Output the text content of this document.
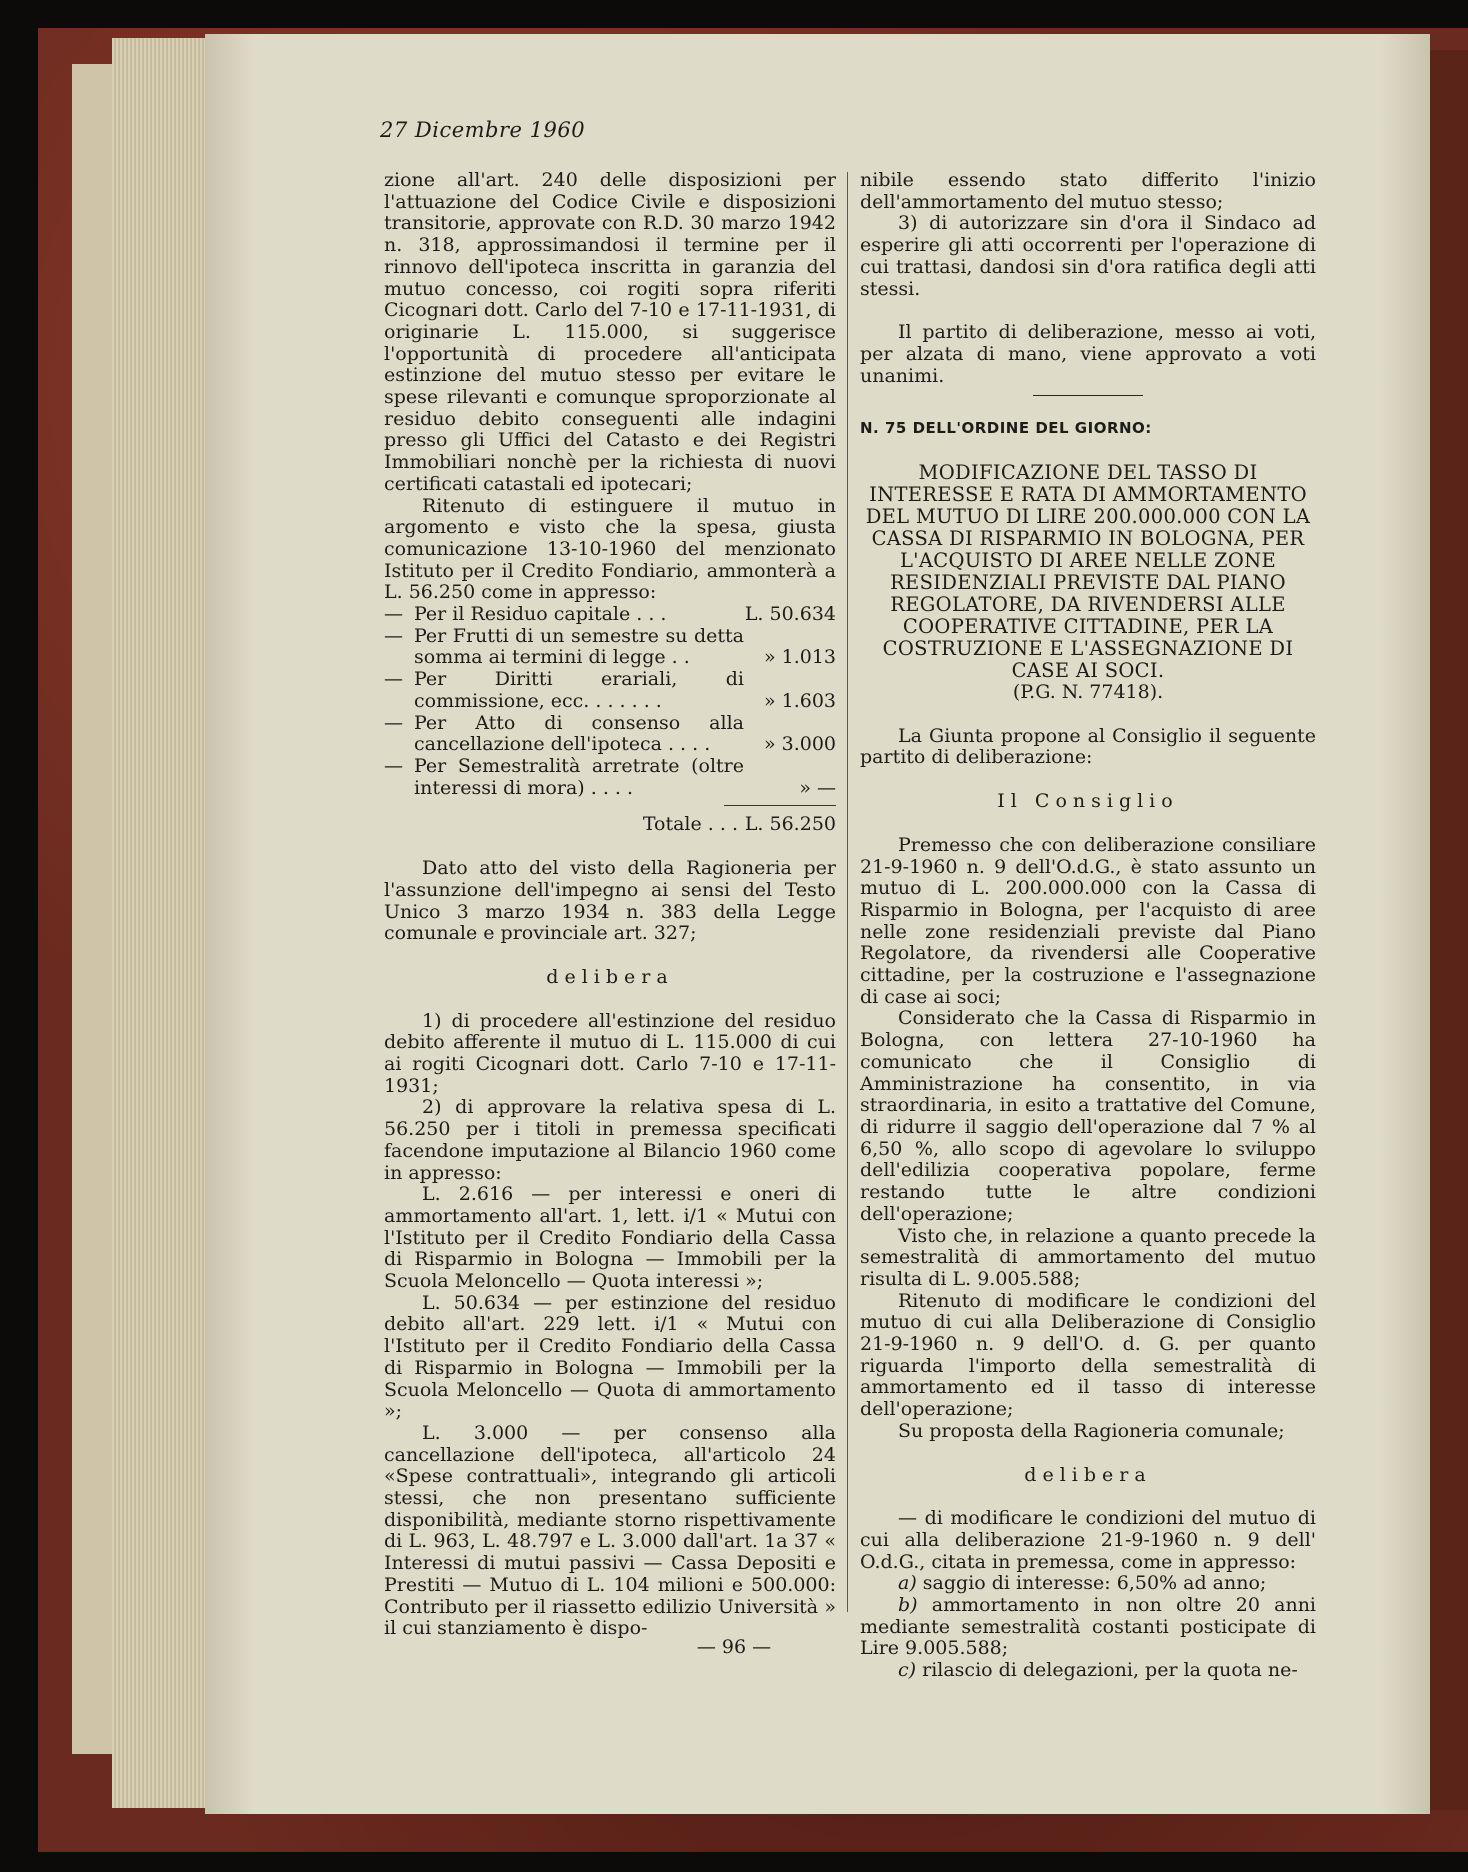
27 Dicembre 1960

zione all'art. 240 delle disposizioni per l'attuazione del Codice Civile e disposizioni transitorie, approvate con R.D. 30 marzo 1942 n. 318, approssimandosi il termine per il rinnovo dell'ipoteca inscritta in garanzia del mutuo concesso, coi rogiti sopra riferiti Cicognari dott. Carlo del 7-10 e 17-11-1931, di originarie L. 115.000, si suggerisce l'opportunità di procedere all'anticipata estinzione del mutuo stesso per evitare le spese rilevanti e comunque sproporzionate al residuo debito conseguenti alle indagini presso gli Uffici del Catasto e dei Registri Immobiliari nonchè per la richiesta di nuovi certificati catastali ed ipotecari;

Ritenuto di estinguere il mutuo in argomento e visto che la spesa, giusta comunicazione 13-10-1960 del menzionato Istituto per il Credito Fondiario, ammonterà a L. 56.250 come in appresso:

— Per il Residuo capitale . . .	L. 50.634
— Per Frutti di un semestre su detta somma ai termini di legge . .	» 1.013
— Per Diritti erariali, di commissione, ecc. . . . . . .	» 1.603
— Per Atto di consenso alla cancellazione dell'ipoteca . . . .	» 3.000
— Per Semestralità arretrate (oltre interessi di mora) . . . .	» —
Totale . . . L. 56.250

Dato atto del visto della Ragioneria per l'assunzione dell'impegno ai sensi del Testo Unico 3 marzo 1934 n. 383 della Legge comunale e provinciale art. 327;

delibera

1) di procedere all'estinzione del residuo debito afferente il mutuo di L. 115.000 di cui ai rogiti Cicognari dott. Carlo 7-10 e 17-11-1931;

2) di approvare la relativa spesa di L. 56.250 per i titoli in premessa specificati facendone imputazione al Bilancio 1960 come in appresso:

L. 2.616 — per interessi e oneri di ammortamento all'art. 1, lett. i/1 « Mutui con l'Istituto per il Credito Fondiario della Cassa di Risparmio in Bologna — Immobili per la Scuola Meloncello — Quota interessi »;

L. 50.634 — per estinzione del residuo debito all'art. 229 lett. i/1 « Mutui con l'Istituto per il Credito Fondiario della Cassa di Risparmio in Bologna — Immobili per la Scuola Meloncello — Quota di ammortamento »;

L. 3.000 — per consenso alla cancellazione dell'ipoteca, all'articolo 24 «Spese contrattuali», integrando gli articoli stessi, che non presentano sufficiente disponibilità, mediante storno rispettivamente di L. 963, L. 48.797 e L. 3.000 dall'art. 1a 37 « Interessi di mutui passivi — Cassa Depositi e Prestiti — Mutuo di L. 104 milioni e 500.000: Contributo per il riassetto edilizio Università » il cui stanziamento è dispo-

nibile essendo stato differito l'inizio dell'ammortamento del mutuo stesso;

3) di autorizzare sin d'ora il Sindaco ad esperire gli atti occorrenti per l'operazione di cui trattasi, dandosi sin d'ora ratifica degli atti stessi.

Il partito di deliberazione, messo ai voti, per alzata di mano, viene approvato a voti unanimi.

N. 75 DELL'ORDINE DEL GIORNO:

MODIFICAZIONE DEL TASSO DI INTERESSE E RATA DI AMMORTAMENTO DEL MUTUO DI LIRE 200.000.000 CON LA CASSA DI RISPARMIO IN BOLOGNA, PER L'ACQUISTO DI AREE NELLE ZONE RESIDENZIALI PREVISTE DAL PIANO REGOLATORE, DA RIVENDERSI ALLE COOPERATIVE CITTADINE, PER LA COSTRUZIONE E L'ASSEGNAZIONE DI CASE AI SOCI.

(P.G. N. 77418).

La Giunta propone al Consiglio il seguente partito di deliberazione:

Il Consiglio

Premesso che con deliberazione consiliare 21-9-1960 n. 9 dell'O.d.G., è stato assunto un mutuo di L. 200.000.000 con la Cassa di Risparmio in Bologna, per l'acquisto di aree nelle zone residenziali previste dal Piano Regolatore, da rivendersi alle Cooperative cittadine, per la costruzione e l'assegnazione di case ai soci;

Considerato che la Cassa di Risparmio in Bologna, con lettera 27-10-1960 ha comunicato che il Consiglio di Amministrazione ha consentito, in via straordinaria, in esito a trattative del Comune, di ridurre il saggio dell'operazione dal 7 % al 6,50 %, allo scopo di agevolare lo sviluppo dell'edilizia cooperativa popolare, ferme restando tutte le altre condizioni dell'operazione;

Visto che, in relazione a quanto precede la semestralità di ammortamento del mutuo risulta di L. 9.005.588;

Ritenuto di modificare le condizioni del mutuo di cui alla Deliberazione di Consiglio 21-9-1960 n. 9 dell'O. d. G. per quanto riguarda l'importo della semestralità di ammortamento ed il tasso di interesse dell'operazione;

Su proposta della Ragioneria comunale;

delibera

— di modificare le condizioni del mutuo di cui alla deliberazione 21-9-1960 n. 9 dell' O.d.G., citata in premessa, come in appresso:

a) saggio di interesse: 6,50% ad anno;

b) ammortamento in non oltre 20 anni mediante semestralità costanti posticipate di Lire 9.005.588;

c) rilascio di delegazioni, per la quota ne-

— 96 —
